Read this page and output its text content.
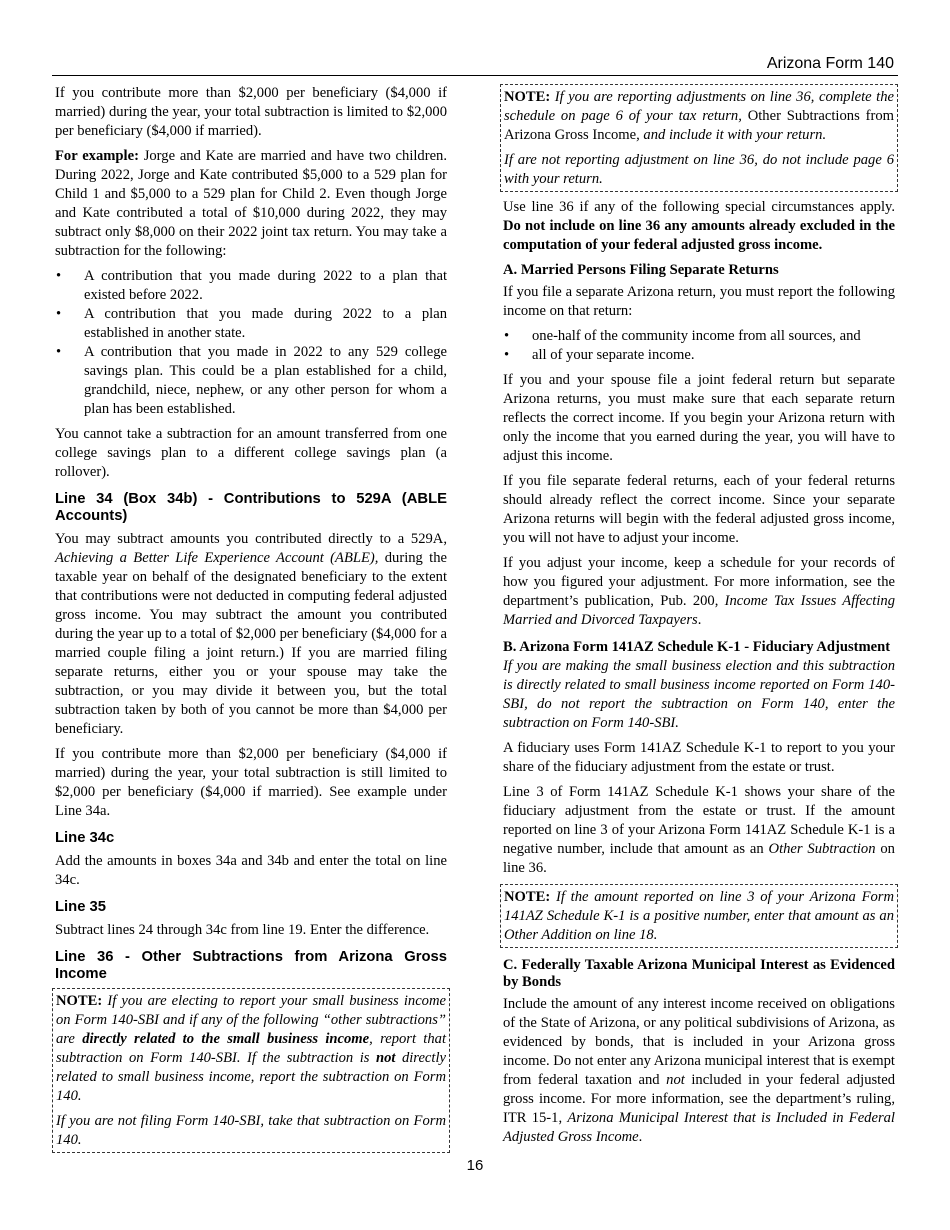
Arizona Form 140

If you contribute more than $2,000 per beneficiary ($4,000 if married) during the year, your total subtraction is limited to $2,000 per beneficiary ($4,000 if married).

For example: Jorge and Kate are married and have two children. During 2022, Jorge and Kate contributed $5,000 to a 529 plan for Child 1 and $5,000 to a 529 plan for Child 2. Even though Jorge and Kate contributed a total of $10,000 during 2022, they may subtract only $8,000 on their 2022 joint tax return. You may take a subtraction for the following:

• A contribution that you made during 2022 to a plan that existed before 2022.
• A contribution that you made during 2022 to a plan established in another state.
• A contribution that you made in 2022 to any 529 college savings plan. This could be a plan established for a child, grandchild, niece, nephew, or any other person for whom a plan has been established.

You cannot take a subtraction for an amount transferred from one college savings plan to a different college savings plan (a rollover).

Line 34 (Box 34b) - Contributions to 529A (ABLE Accounts)

You may subtract amounts you contributed directly to a 529A, Achieving a Better Life Experience Account (ABLE), during the taxable year on behalf of the designated beneficiary to the extent that contributions were not deducted in computing federal adjusted gross income. You may subtract the amount you contributed during the year up to a total of $2,000 per beneficiary ($4,000 for a married couple filing a joint return.) If you are married filing separate returns, either you or your spouse may take the subtraction, or you may divide it between you, but the total subtraction taken by both of you cannot be more than $4,000 per beneficiary.

If you contribute more than $2,000 per beneficiary ($4,000 if married) during the year, your total subtraction is still limited to $2,000 per beneficiary ($4,000 if married). See example under Line 34a.

Line 34c

Add the amounts in boxes 34a and 34b and enter the total on line 34c.

Line 35

Subtract lines 24 through 34c from line 19. Enter the difference.

Line 36 - Other Subtractions from Arizona Gross Income

NOTE: If you are electing to report your small business income on Form 140-SBI and if any of the following “other subtractions” are directly related to the small business income, report that subtraction on Form 140-SBI. If the subtraction is not directly related to small business income, report the subtraction on Form 140.

If you are not filing Form 140-SBI, take that subtraction on Form 140.

NOTE: If you are reporting adjustments on line 36, complete the schedule on page 6 of your tax return, Other Subtractions from Arizona Gross Income, and include it with your return.

If are not reporting adjustment on line 36, do not include page 6 with your return.

Use line 36 if any of the following special circumstances apply. Do not include on line 36 any amounts already excluded in the computation of your federal adjusted gross income.

A. Married Persons Filing Separate Returns

If you file a separate Arizona return, you must report the following income on that return:

• one-half of the community income from all sources, and
• all of your separate income.

If you and your spouse file a joint federal return but separate Arizona returns, you must make sure that each separate return reflects the correct income. If you begin your Arizona return with only the income that you earned during the year, you will have to adjust this income.

If you file separate federal returns, each of your federal returns should already reflect the correct income. Since your separate Arizona returns will begin with the federal adjusted gross income, you will not have to adjust your income.

If you adjust your income, keep a schedule for your records of how you figured your adjustment. For more information, see the department’s publication, Pub. 200, Income Tax Issues Affecting Married and Divorced Taxpayers.

B. Arizona Form 141AZ Schedule K-1 - Fiduciary Adjustment

If you are making the small business election and this subtraction is directly related to small business income reported on Form 140-SBI, do not report the subtraction on Form 140, enter the subtraction on Form 140-SBI.

A fiduciary uses Form 141AZ Schedule K-1 to report to you your share of the fiduciary adjustment from the estate or trust.

Line 3 of Form 141AZ Schedule K-1 shows your share of the fiduciary adjustment from the estate or trust. If the amount reported on line 3 of your Arizona Form 141AZ Schedule K-1 is a negative number, include that amount as an Other Subtraction on line 36.

NOTE: If the amount reported on line 3 of your Arizona Form 141AZ Schedule K-1 is a positive number, enter that amount as an Other Addition on line 18.

C. Federally Taxable Arizona Municipal Interest as Evidenced by Bonds

Include the amount of any interest income received on obligations of the State of Arizona, or any political subdivisions of Arizona, as evidenced by bonds, that is included in your Arizona gross income. Do not enter any Arizona municipal interest that is exempt from federal taxation and not included in your federal adjusted gross income. For more information, see the department’s ruling, ITR 15-1, Arizona Municipal Interest that is Included in Federal Adjusted Gross Income.

16
